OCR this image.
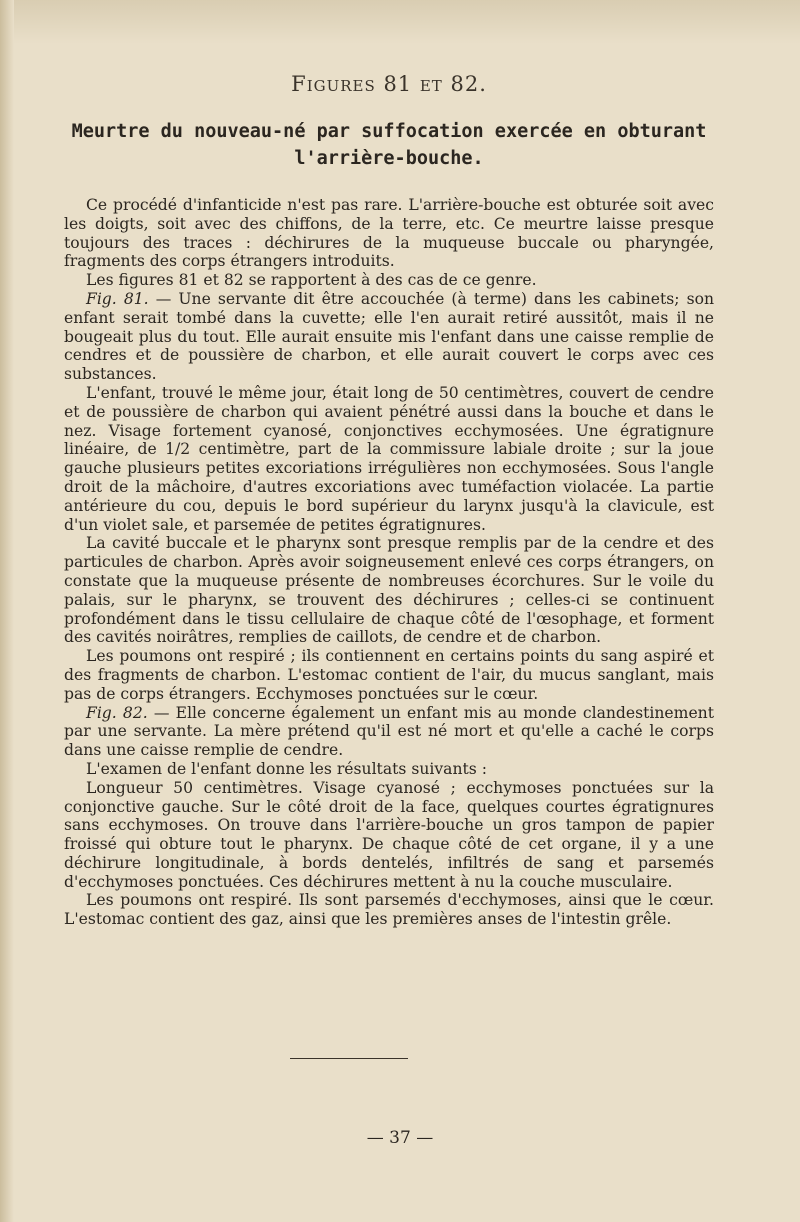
Figures 81 et 82.
Meurtre du nouveau-né par suffocation exercée en obturant l'arrière-bouche.

Ce procédé d'infanticide n'est pas rare. L'arrière-bouche est obturée soit avec les doigts, soit avec des chiffons, de la terre, etc. Ce meurtre laisse presque toujours des traces : déchirures de la muqueuse buccale ou pharyngée, fragments des corps étrangers introduits.

Les figures 81 et 82 se rapportent à des cas de ce genre.

Fig. 81. — Une servante dit être accouchée (à terme) dans les cabinets; son enfant serait tombé dans la cuvette; elle l'en aurait retiré aussitôt, mais il ne bougeait plus du tout. Elle aurait ensuite mis l'enfant dans une caisse remplie de cendres et de poussière de charbon, et elle aurait couvert le corps avec ces substances.

L'enfant, trouvé le même jour, était long de 50 centimètres, couvert de cendre et de poussière de charbon qui avaient pénétré aussi dans la bouche et dans le nez. Visage fortement cyanosé, conjonctives ecchymosées. Une égratignure linéaire, de 1/2 centimètre, part de la commissure labiale droite ; sur la joue gauche plusieurs petites excoriations irrégulières non ecchymosées. Sous l'angle droit de la mâchoire, d'autres excoriations avec tuméfaction violacée. La partie antérieure du cou, depuis le bord supérieur du larynx jusqu'à la clavicule, est d'un violet sale, et parsemée de petites égratignures.

La cavité buccale et le pharynx sont presque remplis par de la cendre et des particules de charbon. Après avoir soigneusement enlevé ces corps étrangers, on constate que la muqueuse présente de nombreuses écorchures. Sur le voile du palais, sur le pharynx, se trouvent des déchirures ; celles-ci se continuent profondément dans le tissu cellulaire de chaque côté de l'œsophage, et forment des cavités noirâtres, remplies de caillots, de cendre et de charbon.

Les poumons ont respiré ; ils contiennent en certains points du sang aspiré et des fragments de charbon. L'estomac contient de l'air, du mucus sanglant, mais pas de corps étrangers. Ecchymoses ponctuées sur le cœur.

Fig. 82. — Elle concerne également un enfant mis au monde clandestinement par une servante. La mère prétend qu'il est né mort et qu'elle a caché le corps dans une caisse remplie de cendre.

L'examen de l'enfant donne les résultats suivants :

Longueur 50 centimètres. Visage cyanosé ; ecchymoses ponctuées sur la conjonctive gauche. Sur le côté droit de la face, quelques courtes égratignures sans ecchymoses. On trouve dans l'arrière-bouche un gros tampon de papier froissé qui obture tout le pharynx. De chaque côté de cet organe, il y a une déchirure longitudinale, à bords dentelés, infiltrés de sang et parsemés d'ecchymoses ponctuées. Ces déchirures mettent à nu la couche musculaire.

Les poumons ont respiré. Ils sont parsemés d'ecchymoses, ainsi que le cœur. L'estomac contient des gaz, ainsi que les premières anses de l'intestin grêle.

— 37 —
